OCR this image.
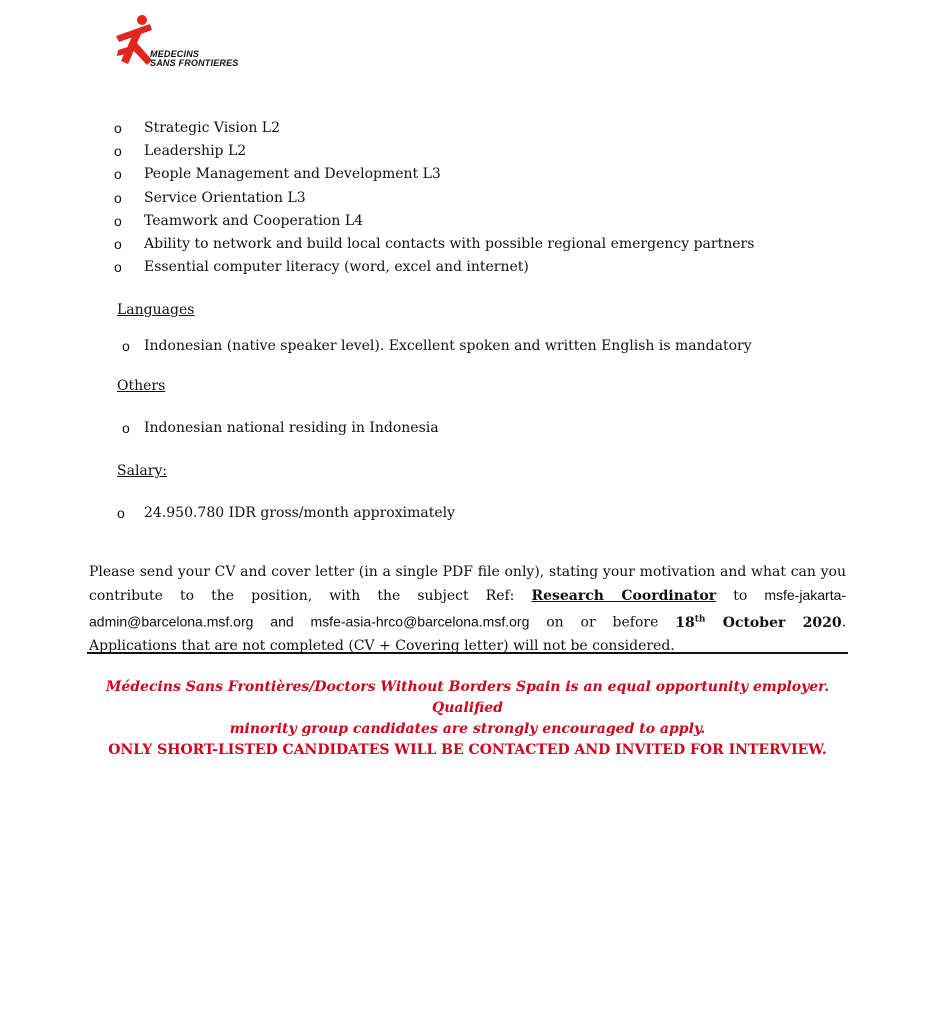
MEDECINS
SANS FRONTIERES
o Strategic Vision L2
o Leadership L2
o People Management and Development L3
o Service Orientation L3
o Teamwork and Cooperation L4
o Ability to network and build local contacts with possible regional emergency partners
o Essential computer literacy (word, excel and internet)
Languages
o Indonesian (native speaker level). Excellent spoken and written English is mandatory
Others
o Indonesian national residing in Indonesia
Salary:
o 24.950.780 IDR gross/month approximately
Please send your CV and cover letter (in a single PDF file only), stating your motivation and what can you
contribute to the position, with the subject Ref: Research Coordinator to msfe-jakarta-
admin@barcelona.msf.org and msfe-asia-hrco@barcelona.msf.org on or before 18th October 2020.
Applications that are not completed (CV + Covering letter) will not be considered.
Médecins Sans Frontières/Doctors Without Borders Spain is an equal opportunity employer. Qualified
minority group candidates are strongly encouraged to apply.
ONLY SHORT-LISTED CANDIDATES WILL BE CONTACTED AND INVITED FOR INTERVIEW.
